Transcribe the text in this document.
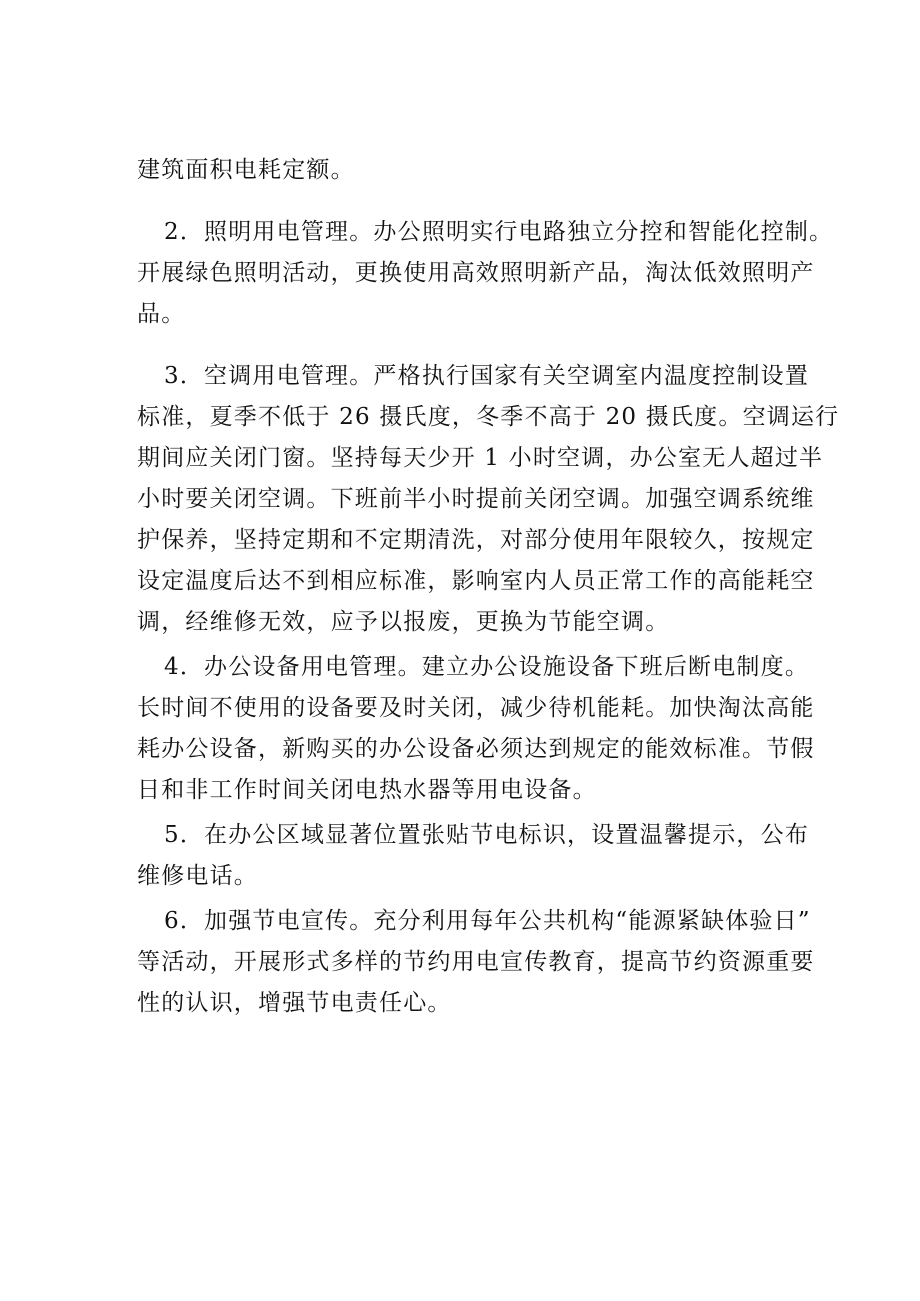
建筑面积电耗定额。

2．照明用电管理。办公照明实行电路独立分控和智能化控制。
开展绿色照明活动，更换使用高效照明新产品，淘汰低效照明产
品。

3．空调用电管理。严格执行国家有关空调室内温度控制设置
标准，夏季不低于 26 摄氏度，冬季不高于 20 摄氏度。空调运行
期间应关闭门窗。坚持每天少开 1 小时空调，办公室无人超过半
小时要关闭空调。下班前半小时提前关闭空调。加强空调系统维
护保养，坚持定期和不定期清洗，对部分使用年限较久，按规定
设定温度后达不到相应标准，影响室内人员正常工作的高能耗空
调，经维修无效，应予以报废，更换为节能空调。

4．办公设备用电管理。建立办公设施设备下班后断电制度。
长时间不使用的设备要及时关闭，减少待机能耗。加快淘汰高能
耗办公设备，新购买的办公设备必须达到规定的能效标准。节假
日和非工作时间关闭电热水器等用电设备。

5．在办公区域显著位置张贴节电标识，设置温馨提示，公布
维修电话。

6．加强节电宣传。充分利用每年公共机构“能源紧缺体验日”
等活动，开展形式多样的节约用电宣传教育，提高节约资源重要
性的认识，增强节电责任心。
